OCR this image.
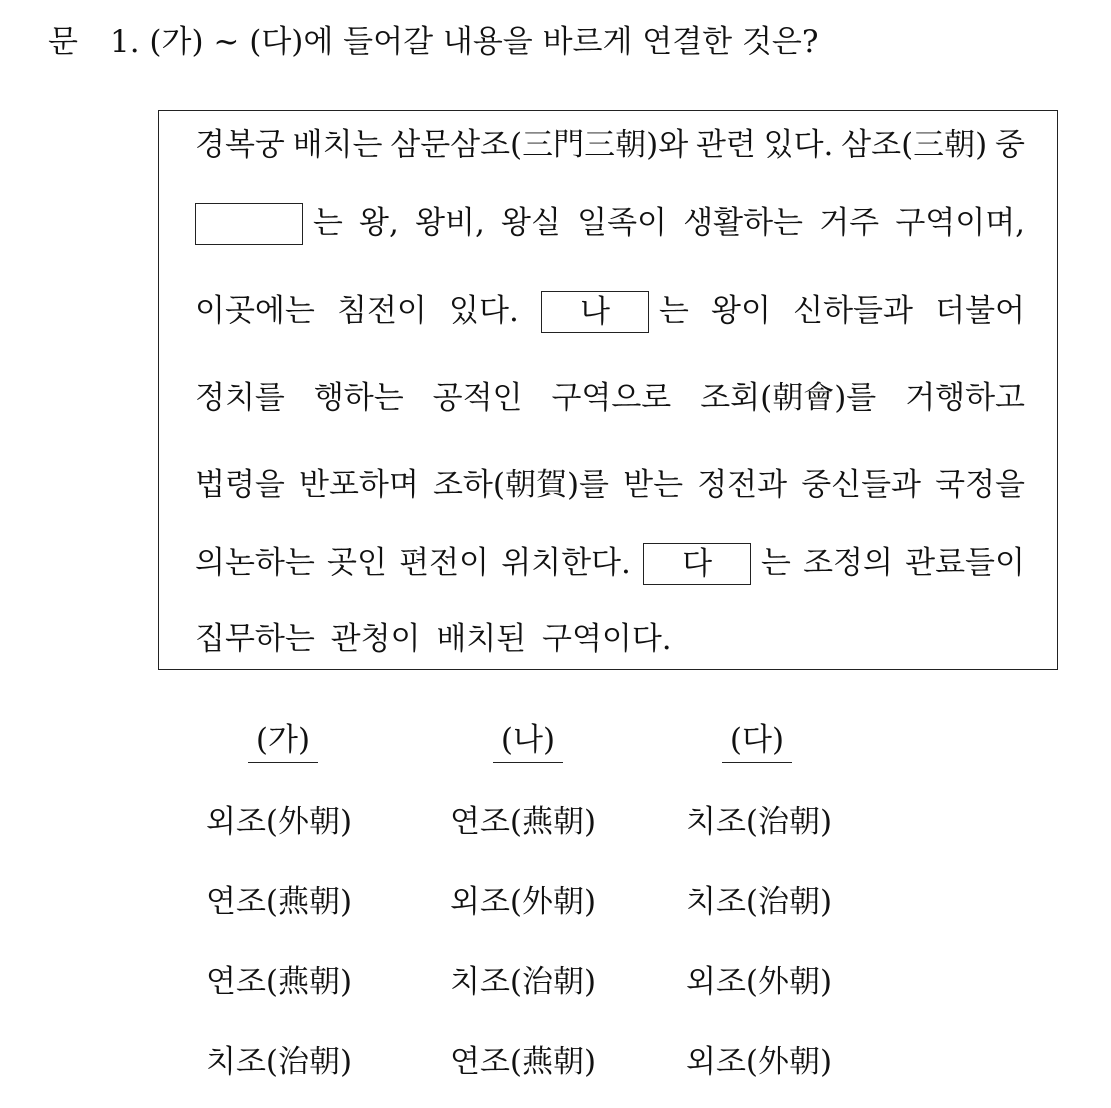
문 1. (가) ~ (다)에 들어갈 내용을 바르게 연결한 것은?
경복궁 배치는 삼문삼조(三門三朝)와 관련 있다. 삼조(三朝) 중
는 왕, 왕비, 왕실 일족이 생활하는 거주 구역이며,
이곳에는 침전이 있다.	나 는 왕이 신하들과 더불어
정치를 행하는 공적인 구역으로 조회(朝會)를 거행하고
법령을 반포하며 조하(朝賀)를 받는 정전과 중신들과 국정을
의논하는 곳인 편전이 위치한다.	다 는 조정의 관료들이
집무하는 관청이 배치된 구역이다.
(가)	(나)	(다)
외조(外朝)	연조(燕朝)	치조(治朝)
연조(燕朝)	외조(外朝)	치조(治朝)
연조(燕朝)	치조(治朝)	외조(外朝)
치조(治朝)	연조(燕朝)	외조(外朝)
